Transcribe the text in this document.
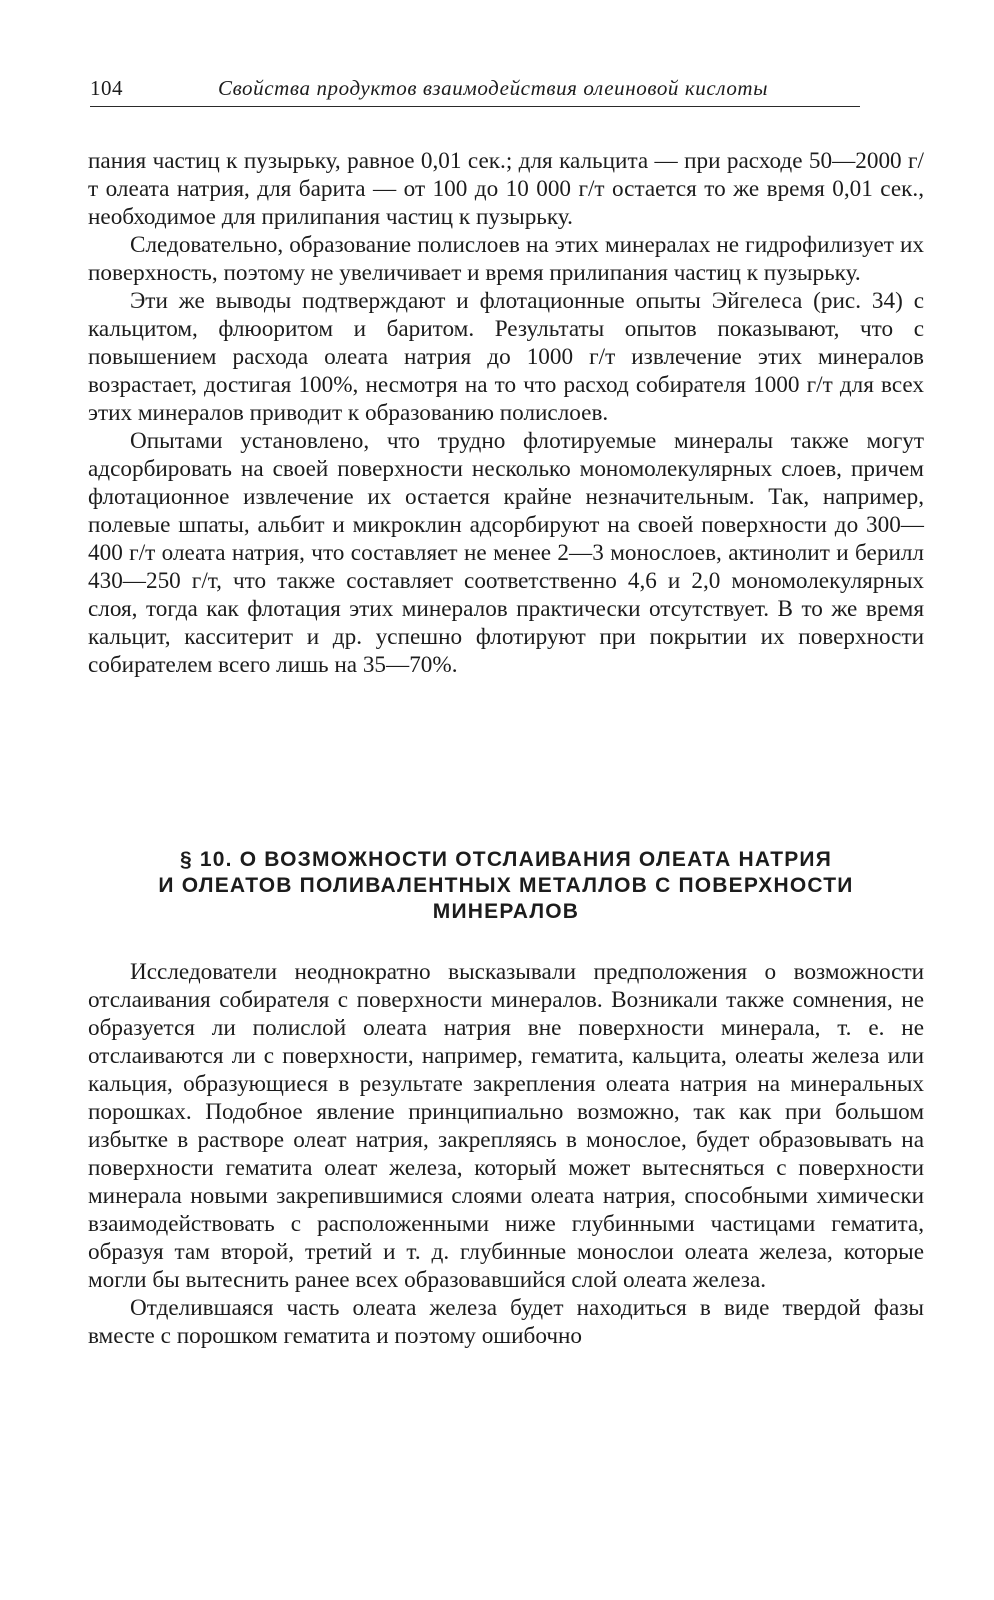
104	Свойства продуктов взаимодействия олеиновой кислоты

пания частиц к пузырьку, равное 0,01 сек.; для кальцита — при расходе 50—2000 г/т олеата натрия, для барита — от 100 до 10 000 г/т остается то же время 0,01 сек., необходимое для прилипания частиц к пузырьку.

Следовательно, образование полислоев на этих минералах не гидрофилизует их поверхность, поэтому не увеличивает и время прилипания частиц к пузырьку.

Эти же выводы подтверждают и флотационные опыты Эйгелеса (рис. 34) с кальцитом, флюоритом и баритом. Результаты опытов показывают, что с повышением расхода олеата натрия до 1000 г/т извлечение этих минералов возрастает, достигая 100%, несмотря на то что расход собирателя 1000 г/т для всех этих минералов приводит к образованию полислоев.

Опытами установлено, что трудно флотируемые минералы также могут адсорбировать на своей поверхности несколько мономолекулярных слоев, причем флотационное извлечение их остается крайне незначительным. Так, например, полевые шпаты, альбит и микроклин адсорбируют на своей поверхности до 300—400 г/т олеата натрия, что составляет не менее 2—3 монослоев, актинолит и берилл 430—250 г/т, что также составляет соответственно 4,6 и 2,0 мономолекулярных слоя, тогда как флотация этих минералов практически отсутствует. В то же время кальцит, касситерит и др. успешно флотируют при покрытии их поверхности собирателем всего лишь на 35—70%.

§ 10. О ВОЗМОЖНОСТИ ОТСЛАИВАНИЯ ОЛЕАТА НАТРИЯ
И ОЛЕАТОВ ПОЛИВАЛЕНТНЫХ МЕТАЛЛОВ С ПОВЕРХНОСТИ
МИНЕРАЛОВ

Исследователи неоднократно высказывали предположения о возможности отслаивания собирателя с поверхности минералов. Возникали также сомнения, не образуется ли полислой олеата натрия вне поверхности минерала, т. е. не отслаиваются ли с поверхности, например, гематита, кальцита, олеаты железа или кальция, образующиеся в результате закрепления олеата натрия на минеральных порошках. Подобное явление принципиально возможно, так как при большом избытке в растворе олеат натрия, закрепляясь в монослое, будет образовывать на поверхности гематита олеат железа, который может вытесняться с поверхности минерала новыми закрепившимися слоями олеата натрия, способными химически взаимодействовать с расположенными ниже глубинными частицами гематита, образуя там второй, третий и т. д. глубинные монослои олеата железа, которые могли бы вытеснить ранее всех образовавшийся слой олеата железа.

Отделившаяся часть олеата железа будет находиться в виде твердой фазы вместе с порошком гематита и поэтому ошибочно
